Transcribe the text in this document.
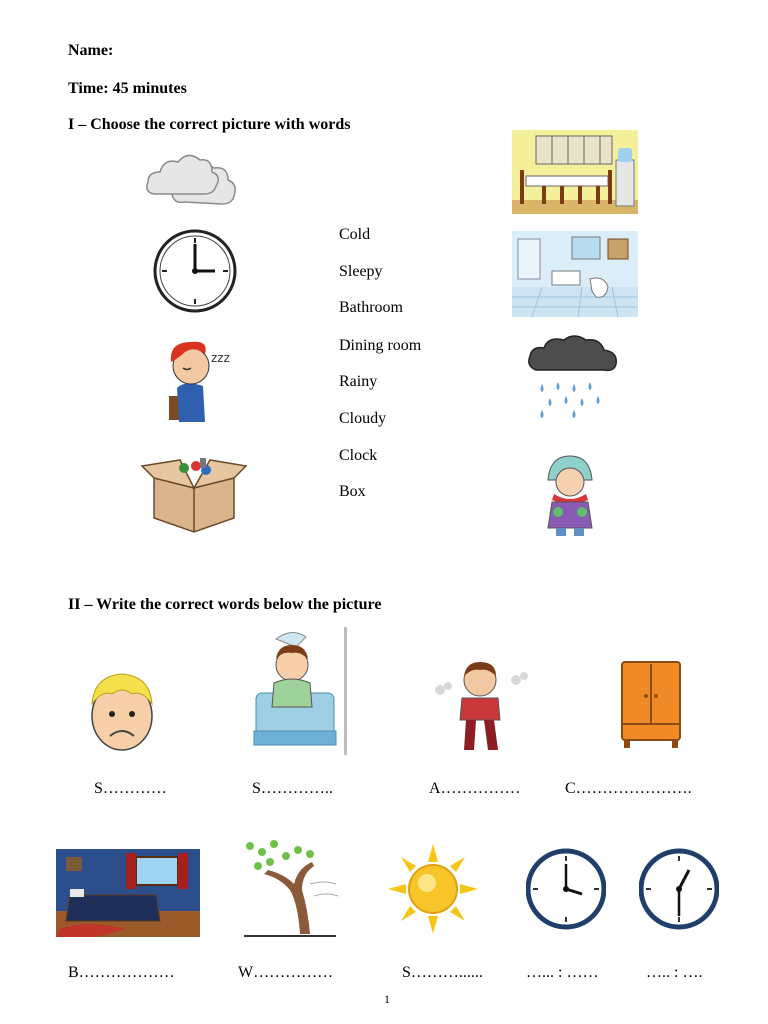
Name:
Time: 45 minutes
I – Choose the correct picture with words
zzz
Cold
Sleepy
Bathroom
Dining room
Rainy
Cloudy
Clock
Box
II – Write the correct words below the picture
S…………	S…………..	A……………	C………………….
B………………	W……………	S………......	…... : ……	….. : ….
1
